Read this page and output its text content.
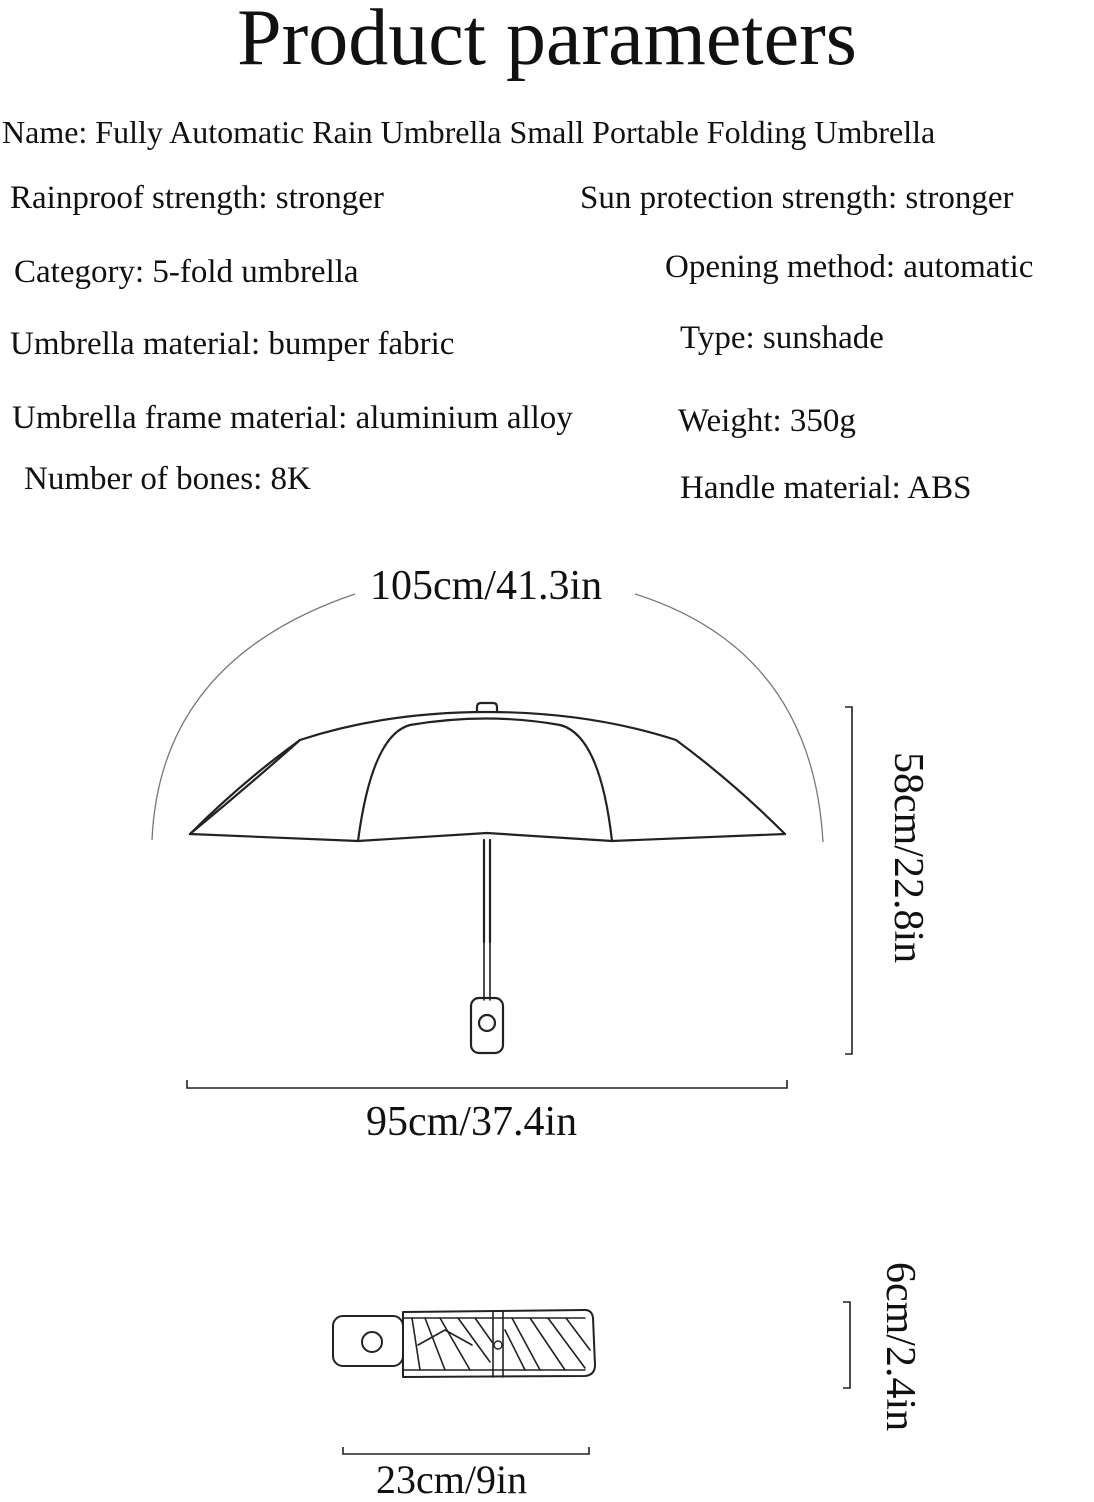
Product parameters
Name: Fully Automatic Rain Umbrella Small Portable Folding Umbrella
Rainproof strength: stronger	Sun protection strength: stronger
Category: 5-fold umbrella	Opening method: automatic
Umbrella material: bumper fabric	Type: sunshade
Umbrella frame material: aluminium alloy	Weight: 350g
Number of bones: 8K	Handle material: ABS
105cm/41.3in
58cm/22.8in
95cm/37.4in
6cm/2.4in
23cm/9in
